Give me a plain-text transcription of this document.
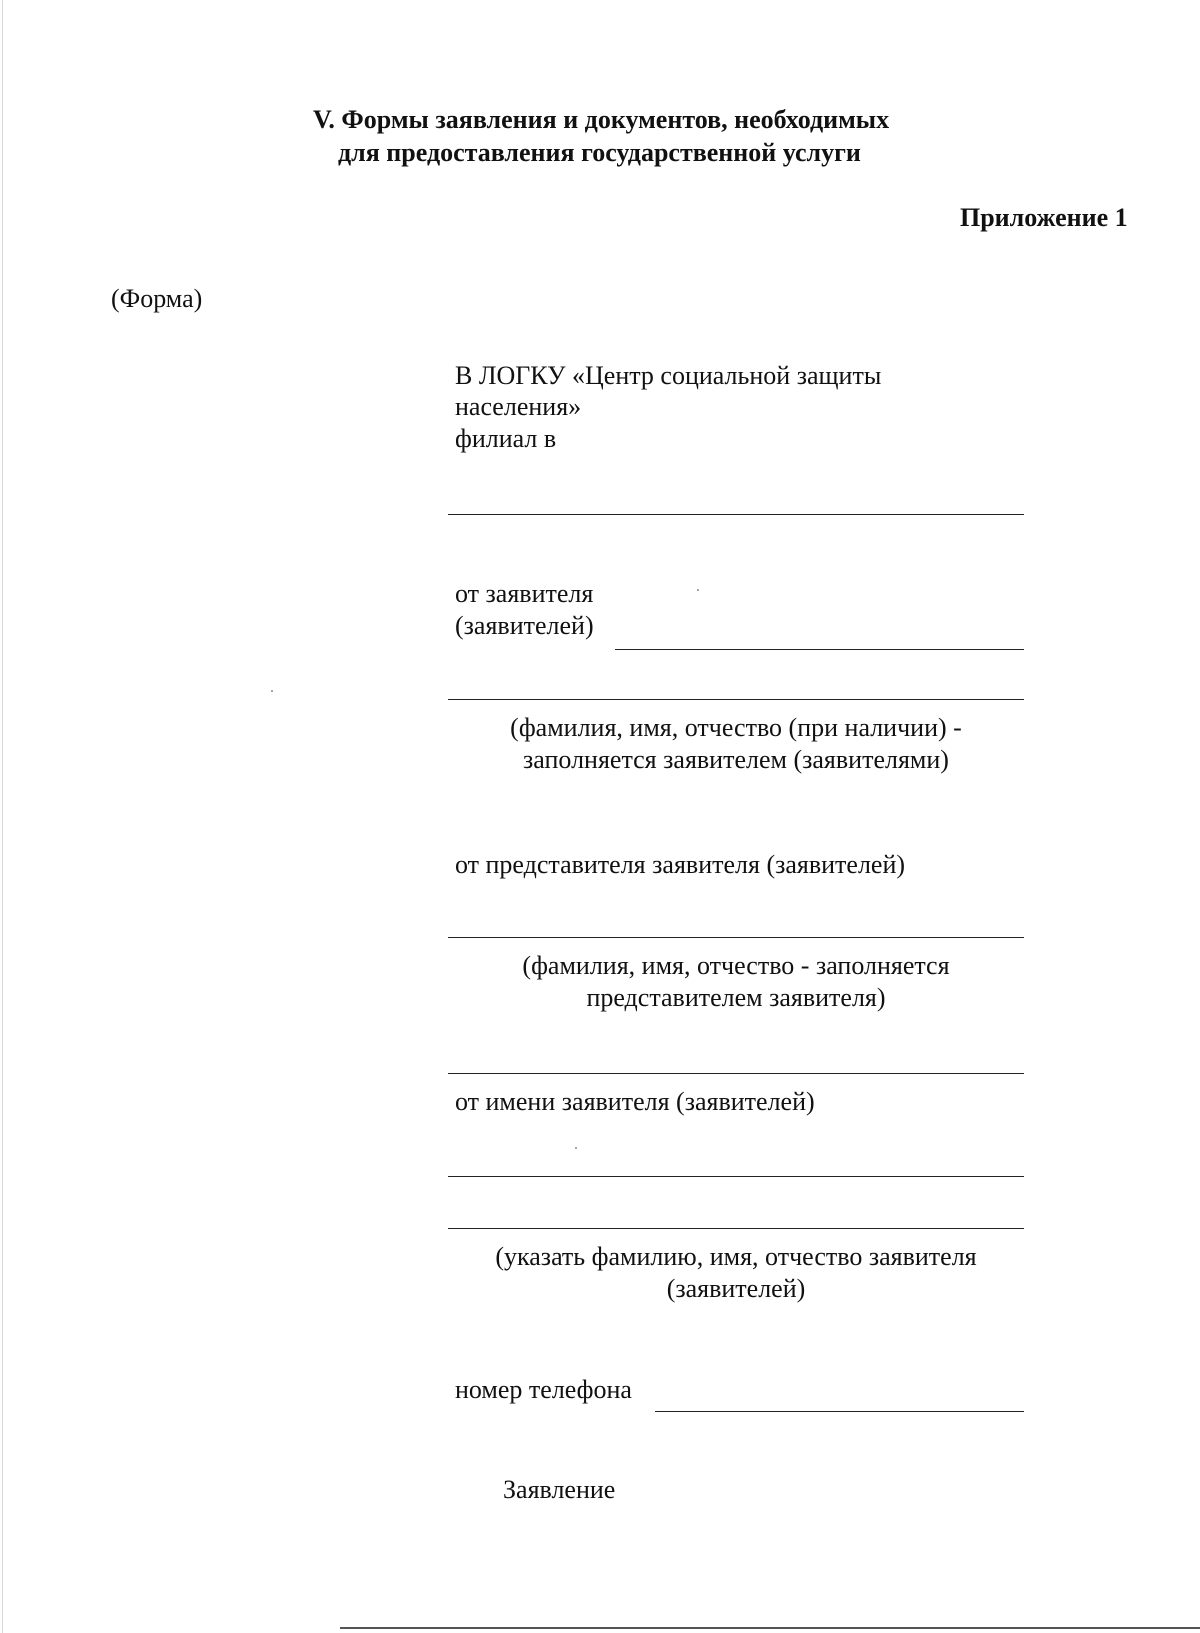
V. Формы заявления и документов, необходимых
для предоставления государственной услуги
Приложение 1
(Форма)
В ЛОГКУ «Центр социальной защиты
населения»
филиал в
от заявителя
(заявителей)
(фамилия, имя, отчество (при наличии) -
заполняется заявителем (заявителями)
от представителя заявителя (заявителей)
(фамилия, имя, отчество - заполняется
представителем заявителя)
от имени заявителя (заявителей)
(указать фамилию, имя, отчество заявителя
(заявителей)
номер телефона
Заявление
